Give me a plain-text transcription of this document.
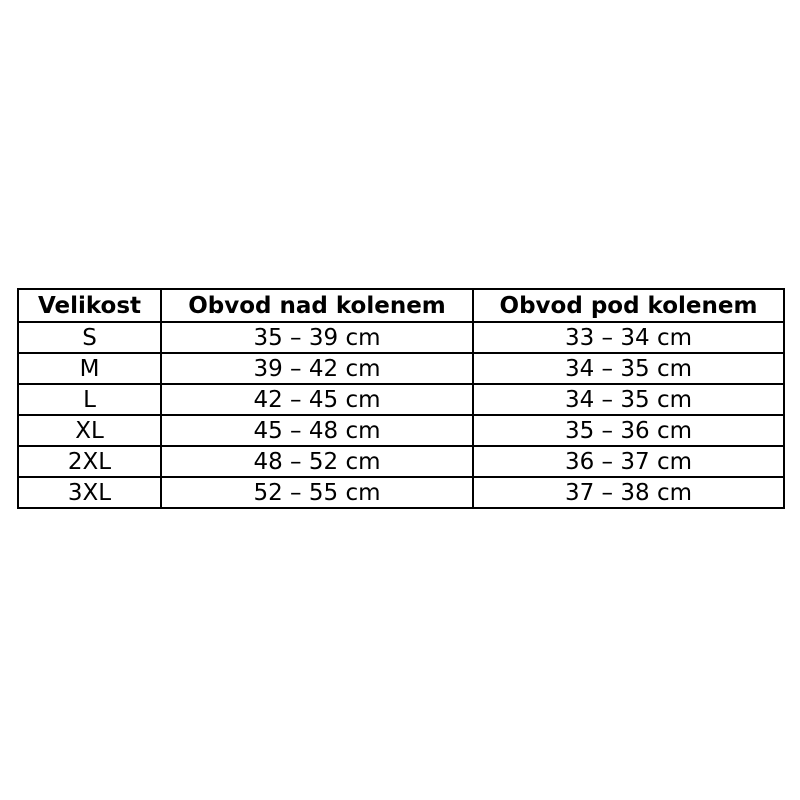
Velikost	Obvod nad kolenem	Obvod pod kolenem
S	35 – 39 cm	33 – 34 cm
M	39 – 42 cm	34 – 35 cm
L	42 – 45 cm	34 – 35 cm
XL	45 – 48 cm	35 – 36 cm
2XL	48 – 52 cm	36 – 37 cm
3XL	52 – 55 cm	37 – 38 cm
